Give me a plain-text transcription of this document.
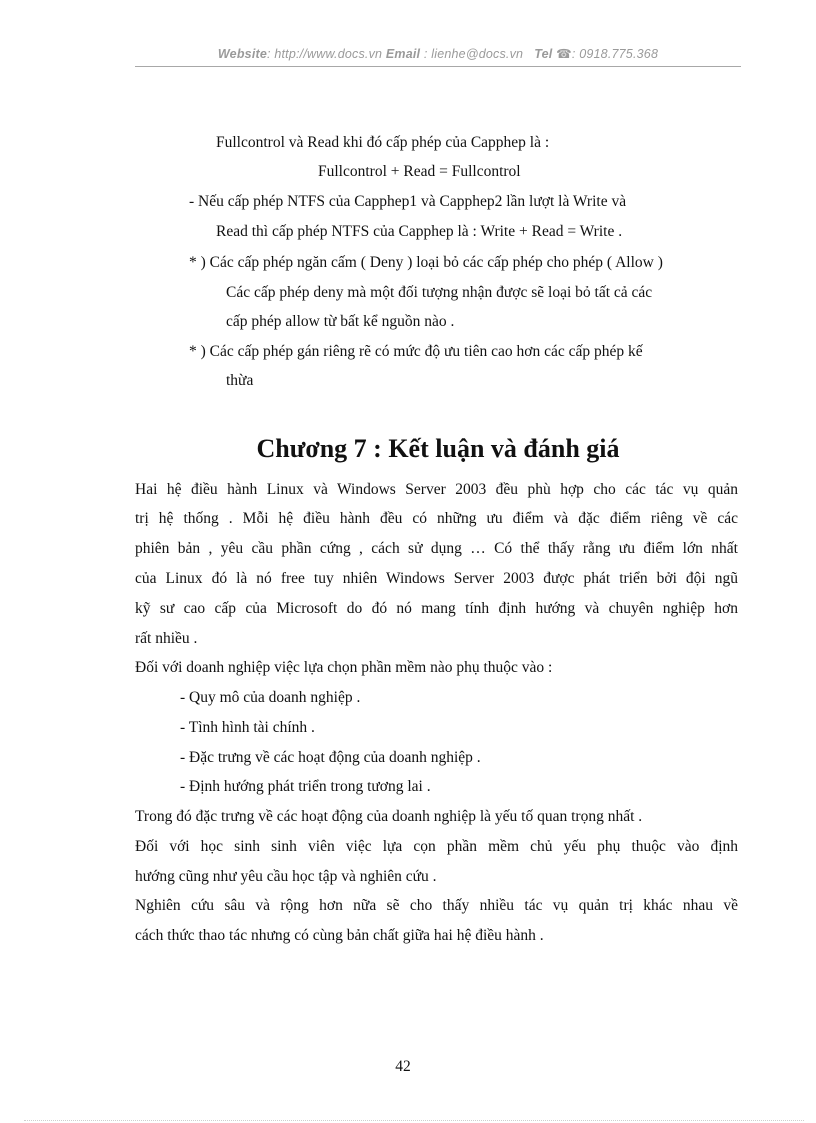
Website: http://www.docs.vn Email : lienhe@docs.vn Tel ☎: 0918.775.368
Fullcontrol và Read khi đó cấp phép của Capphep là :
Fullcontrol + Read = Fullcontrol
- Nếu cấp phép NTFS của Capphep1 và Capphep2 lần lượt là Write và
Read thì cấp phép NTFS của Capphep là : Write + Read = Write .
* ) Các cấp phép ngăn cấm ( Deny ) loại bỏ các cấp phép cho phép ( Allow )
Các cấp phép deny mà một đối tượng nhận được sẽ loại bỏ tất cả các
cấp phép allow từ bất kể nguồn nào .
* ) Các cấp phép gán riêng rẽ có mức độ ưu tiên cao hơn các cấp phép kế
thừa
Chương 7 : Kết luận và đánh giá
Hai hệ điều hành Linux và Windows Server 2003 đều phù hợp cho các tác vụ quản
trị hệ thống . Mỗi hệ điều hành đều có những ưu điểm và đặc điểm riêng về các
phiên bản , yêu cầu phần cứng , cách sử dụng … Có thể thấy rằng ưu điểm lớn nhất
của Linux đó là nó free tuy nhiên Windows Server 2003 được phát triển bởi đội ngũ
kỹ sư cao cấp của Microsoft do đó nó mang tính định hướng và chuyên nghiệp hơn
rất nhiều .
Đối với doanh nghiệp việc lựa chọn phần mềm nào phụ thuộc vào :
- Quy mô của doanh nghiệp .
- Tình hình tài chính .
- Đặc trưng về các hoạt động của doanh nghiệp .
- Định hướng phát triển trong tương lai .
Trong đó đặc trưng về các hoạt động của doanh nghiệp là yếu tố quan trọng nhất .
Đối với học sinh sinh viên việc lựa cọn phần mềm chủ yếu phụ thuộc vào định
hướng cũng như yêu cầu học tập và nghiên cứu .
Nghiên cứu sâu và rộng hơn nữa sẽ cho thấy nhiều tác vụ quản trị khác nhau về
cách thức thao tác nhưng có cùng bản chất giữa hai hệ điều hành .
42
